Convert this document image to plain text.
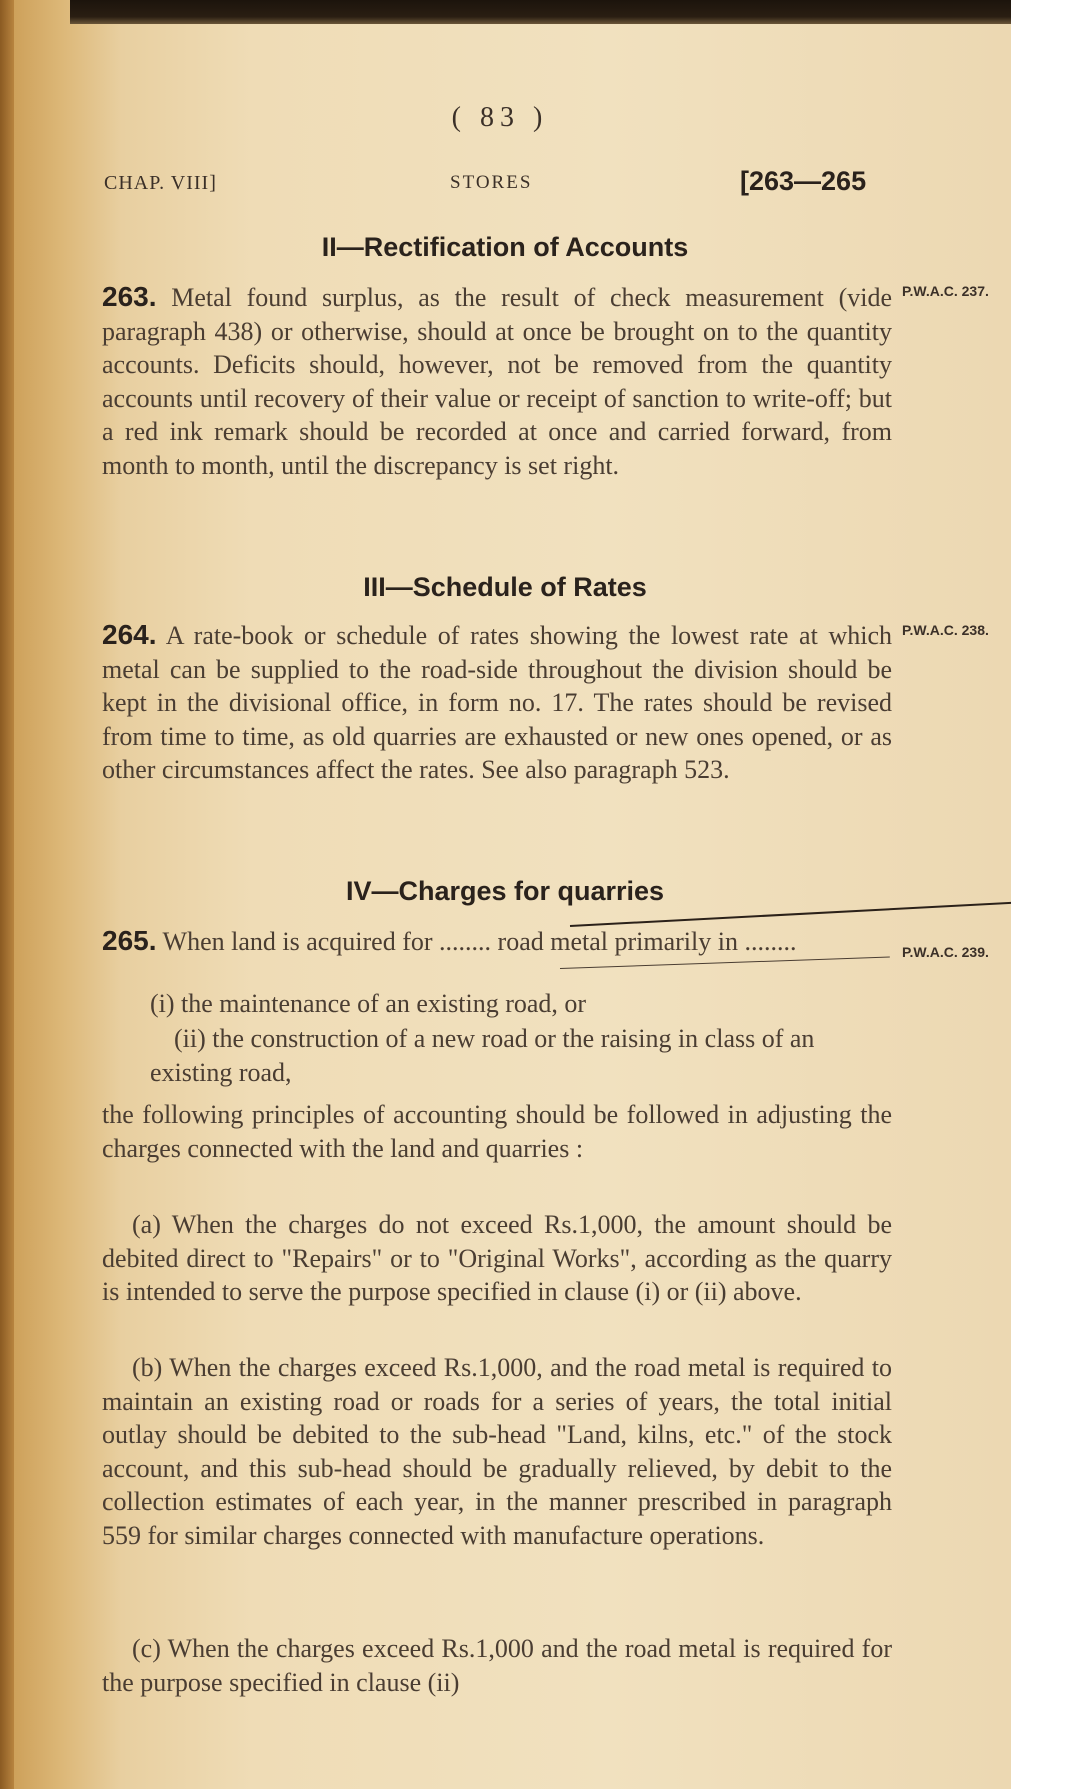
( 83 )
CHAP. VIII]	STORES	[263—265
II—Rectification of Accounts
263. Metal found surplus, as the result of check measurement (vide paragraph 438) or otherwise, should at once be brought on to the quantity accounts. Deficits should, however, not be removed from the quantity accounts until recovery of their value or receipt of sanction to write-off; but a red ink remark should be recorded at once and carried forward, from month to month, until the discrepancy is set right.
P.W.A.C. 237.
III—Schedule of Rates
264. A rate-book or schedule of rates showing the lowest rate at which metal can be supplied to the road-side throughout the division should be kept in the divisional office, in form no. 17. The rates should be revised from time to time, as old quarries are exhausted or new ones opened, or as other circumstances affect the rates. See also paragraph 523.
P.W.A.C. 238.
IV—Charges for quarries
265. When land is acquired for ........ road metal primarily in ........	P.W.A.C. 239.
(i) the maintenance of an existing road, or
(ii) the construction of a new road or the raising in class of an existing road,
the following principles of accounting should be followed in adjusting the charges connected with the land and quarries :
(a) When the charges do not exceed Rs.1,000, the amount should be debited direct to "Repairs" or to "Original Works", according as the quarry is intended to serve the purpose specified in clause (i) or (ii) above.
(b) When the charges exceed Rs.1,000, and the road metal is required to maintain an existing road or roads for a series of years, the total initial outlay should be debited to the sub-head "Land, kilns, etc." of the stock account, and this sub-head should be gradually relieved, by debit to the collection estimates of each year, in the manner prescribed in paragraph 559 for similar charges connected with manufacture operations.
(c) When the charges exceed Rs.1,000 and the road metal is required for the purpose specified in clause (ii)
